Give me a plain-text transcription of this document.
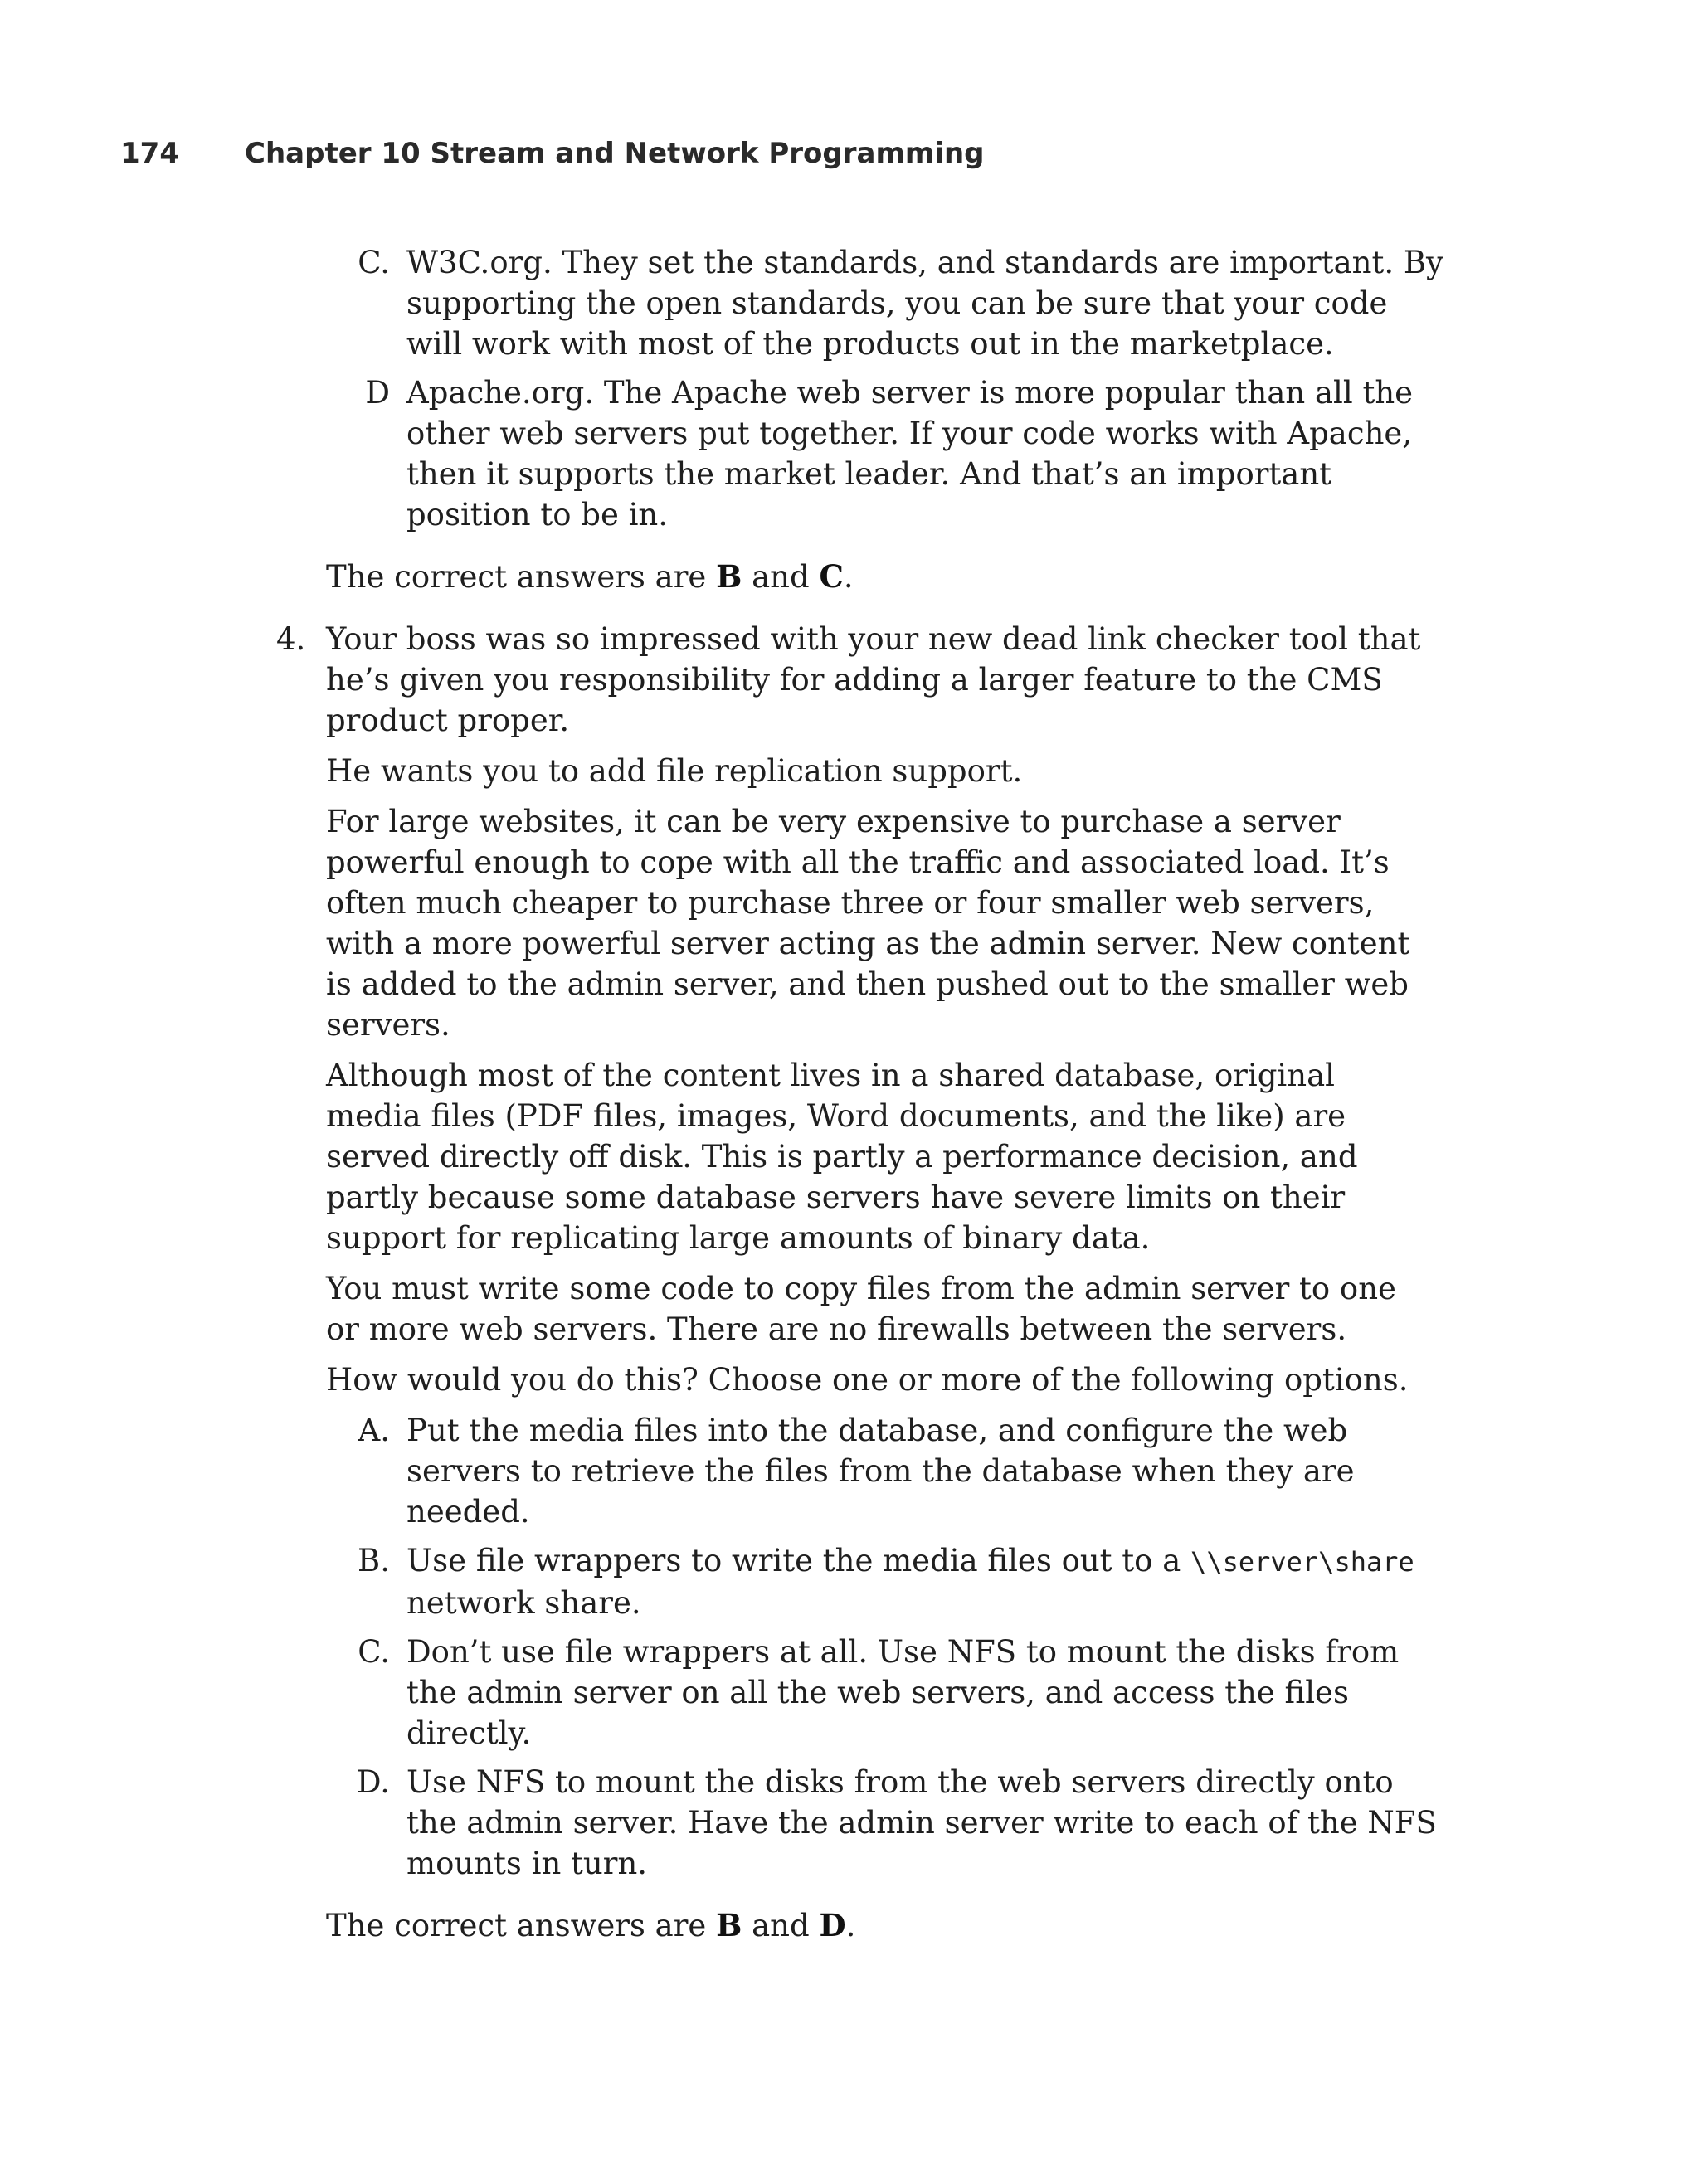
174 Chapter 10 Stream and Network Programming
C. W3C.org. They set the standards, and standards are important. By supporting the open standards, you can be sure that your code will work with most of the products out in the marketplace.
D Apache.org. The Apache web server is more popular than all the other web servers put together. If your code works with Apache, then it supports the market leader. And that’s an important position to be in.
The correct answers are B and C.
4. Your boss was so impressed with your new dead link checker tool that he’s given you responsibility for adding a larger feature to the CMS product proper.
He wants you to add file replication support.
For large websites, it can be very expensive to purchase a server powerful enough to cope with all the traffic and associated load. It’s often much cheaper to purchase three or four smaller web servers, with a more powerful server acting as the admin server. New content is added to the admin server, and then pushed out to the smaller web servers.
Although most of the content lives in a shared database, original media files (PDF files, images, Word documents, and the like) are served directly off disk. This is partly a performance decision, and partly because some database servers have severe limits on their support for replicating large amounts of binary data.
You must write some code to copy files from the admin server to one or more web servers. There are no firewalls between the servers.
How would you do this? Choose one or more of the following options.
A. Put the media files into the database, and configure the web servers to retrieve the files from the database when they are needed.
B. Use file wrappers to write the media files out to a \\server\share network share.
C. Don’t use file wrappers at all. Use NFS to mount the disks from the admin server on all the web servers, and access the files directly.
D. Use NFS to mount the disks from the web servers directly onto the admin server. Have the admin server write to each of the NFS mounts in turn.
The correct answers are B and D.
